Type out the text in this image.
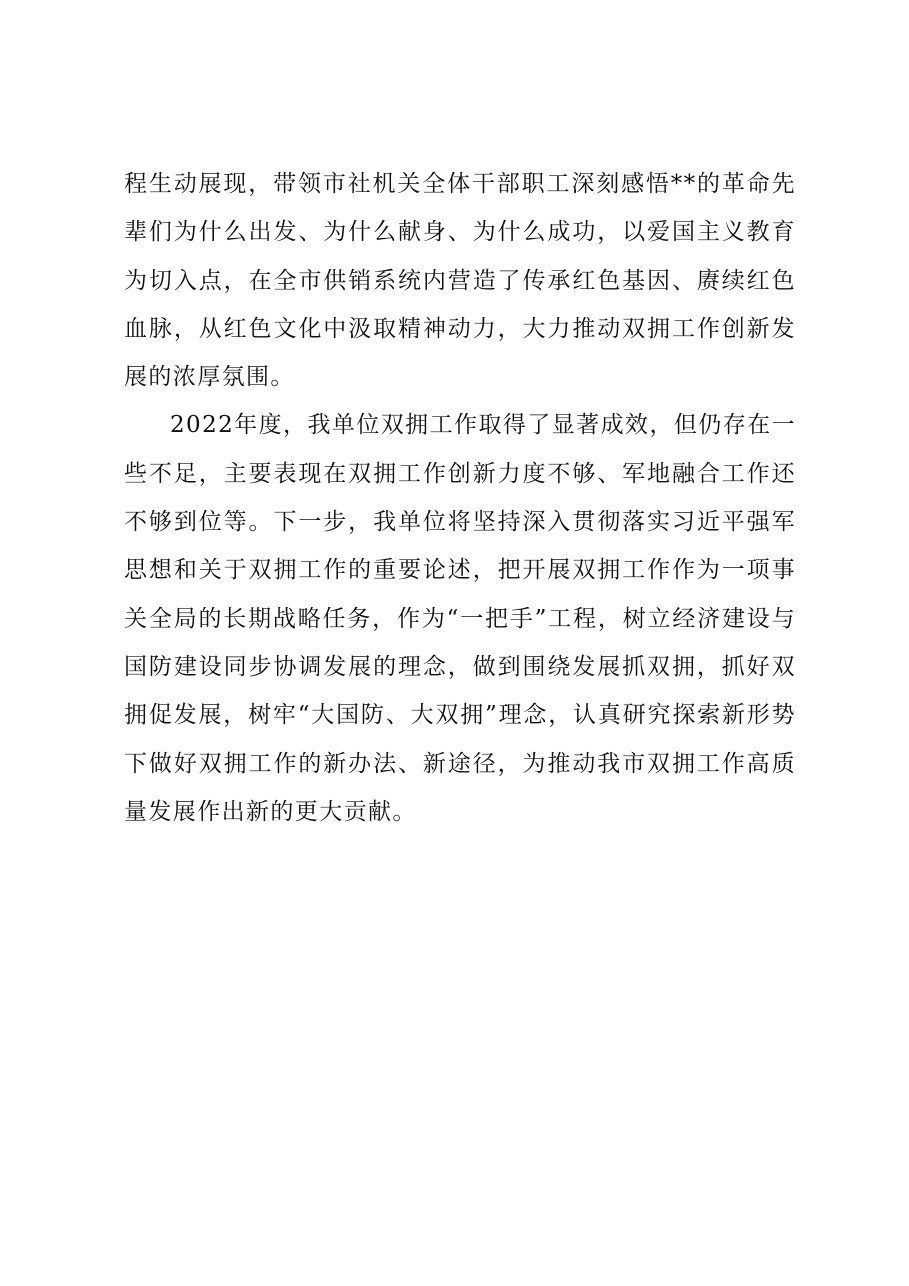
程生动展现，带领市社机关全体干部职工深刻感悟**的革命先辈们为什么出发、为什么献身、为什么成功，以爱国主义教育为切入点，在全市供销系统内营造了传承红色基因、赓续红色血脉，从红色文化中汲取精神动力，大力推动双拥工作创新发展的浓厚氛围。

2022年度，我单位双拥工作取得了显著成效，但仍存在一些不足，主要表现在双拥工作创新力度不够、军地融合工作还不够到位等。下一步，我单位将坚持深入贯彻落实习近平强军思想和关于双拥工作的重要论述，把开展双拥工作作为一项事关全局的长期战略任务，作为“一把手”工程，树立经济建设与国防建设同步协调发展的理念，做到围绕发展抓双拥，抓好双拥促发展，树牢“大国防、大双拥”理念，认真研究探索新形势下做好双拥工作的新办法、新途径，为推动我市双拥工作高质量发展作出新的更大贡献。
